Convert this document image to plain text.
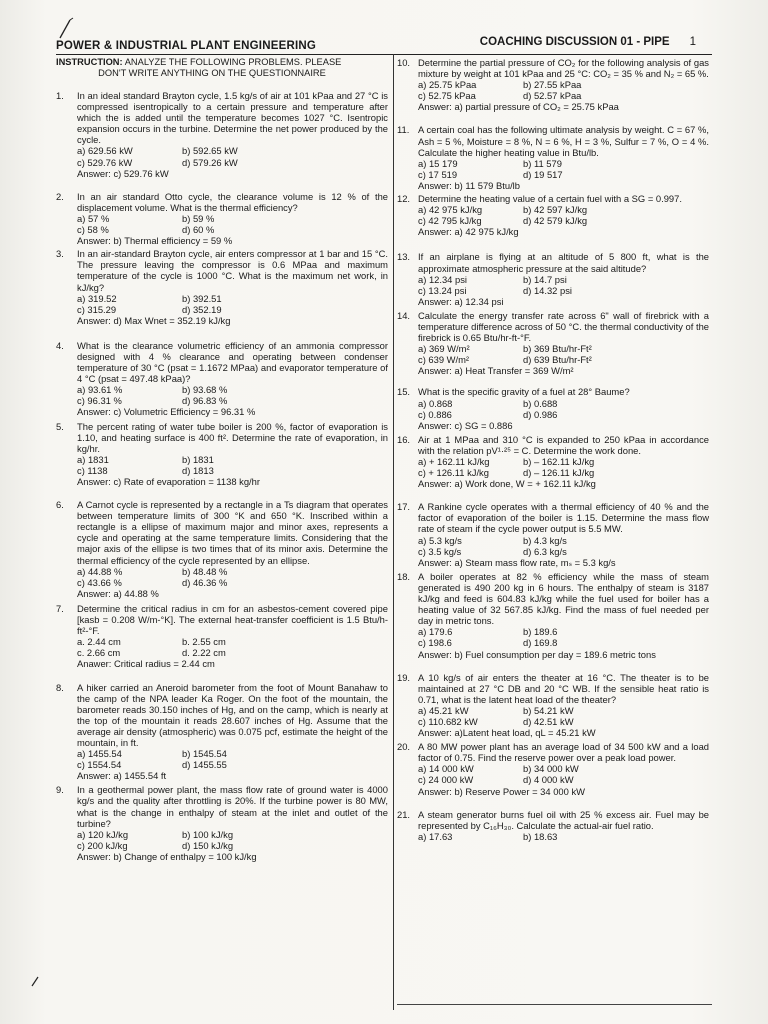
POWER & INDUSTRIAL PLANT ENGINEERING	COACHING DISCUSSION 01 - PIPE 1
INSTRUCTION: ANALYZE THE FOLLOWING PROBLEMS. PLEASE
DON'T WRITE ANYTHING ON THE QUESTIONNAIRE
1. In an ideal standard Brayton cycle, 1.5 kg/s of air at 101 kPaa and 27 °C is compressed isentropically to a certain pressure and temperature after which the is added until the temperature becomes 1027 °C. Isentropic expansion occurs in the turbine. Determine the net power produced by the cycle.
a) 629.56 kW	b) 592.65 kW
c) 529.76 kW	d) 579.26 kW
Answer: c) 529.76 kW
2. In an air standard Otto cycle, the clearance volume is 12 % of the displacement volume. What is the thermal efficiency?
a) 57 %	b) 59 %
c) 58 %	d) 60 %
Answer: b) Thermal efficiency = 59 %
3. In an air-standard Brayton cycle, air enters compressor at 1 bar and 15 °C. The pressure leaving the compressor is 0.6 MPaa and maximum temperature of the cycle is 1000 °C. What is the maximum net work, in kJ/kg?
a) 319.52	b) 392.51
c) 315.29	d) 352.19
Answer: d) Max Wnet = 352.19 kJ/kg
4. What is the clearance volumetric efficiency of an ammonia compressor designed with 4 % clearance and operating between condenser temperature of 30 °C (psat = 1.1672 MPaa) and evaporator temperature of 4 °C (psat = 497.48 kPaa)?
a) 93.61 %	b) 93.68 %
c) 96.31 %	d) 96.83 %
Answer: c) Volumetric Efficiency = 96.31 %
5. The percent rating of water tube boiler is 200 %, factor of evaporation is 1.10, and heating surface is 400 ft². Determine the rate of evaporation, in kg/hr.
a) 1831	b) 1831
c) 1138	d) 1813
Answer: c) Rate of evaporation = 1138 kg/hr
6. A Carnot cycle is represented by a rectangle in a Ts diagram that operates between temperature limits of 300 °K and 650 °K. Inscribed within a rectangle is a ellipse of maximum major and minor axes, represents a cycle and operating at the same temperature limits. Considering that the major axis of the ellipse is two times that of its minor axis. Determine the thermal efficiency of the cycle represented by an ellipse.
a) 44.88 %	b) 48.48 %
c) 43.66 %	d) 46.36 %
Answer: a) 44.88 %
7. Determine the critical radius in cm for an asbestos-cement covered pipe [kasb = 0.208 W/m-°K]. The external heat-transfer coefficient is 1.5 Btu/h-ft²-°F.
a. 2.44 cm	b. 2.55 cm
c. 2.66 cm	d. 2.22 cm
Anawer: Critical radius = 2.44 cm
8. A hiker carried an Aneroid barometer from the foot of Mount Banahaw to the camp of the NPA leader Ka Roger. On the foot of the mountain, the barometer reads 30.150 inches of Hg, and on the camp, which is nearly at the top of the mountain it reads 28.607 inches of Hg. Assume that the average air density (atmospheric) was 0.075 pcf, estimate the height of the mountain, in ft.
a) 1455.54	b) 1545.54
c) 1554.54	d) 1455.55
Answer: a) 1455.54 ft
9. In a geothermal power plant, the mass flow rate of ground water is 4000 kg/s and the quality after throttling is 20%. If the turbine power is 80 MW, what is the change in enthalpy of steam at the inlet and outlet of the turbine?
a) 120 kJ/kg	b) 100 kJ/kg
c) 200 kJ/kg	d) 150 kJ/kg
Answer: b) Change of enthalpy = 100 kJ/kg
10. Determine the partial pressure of CO₂ for the following analysis of gas mixture by weight at 101 kPaa and 25 °C: CO₂ = 35 % and N₂ = 65 %.
a) 25.75 kPaa	b) 27.55 kPaa
c) 52.75 kPaa	d) 52.57 kPaa
Answer: a) partial pressure of CO₂ = 25.75 kPaa
11. A certain coal has the following ultimate analysis by weight. C = 67 %, Ash = 5 %, Moisture = 8 %, N = 6 %, H = 3 %, Sulfur = 7 %, O = 4 %. Calculate the higher heating value in Btu/lb.
a) 15 179	b) 11 579
c) 17 519	d) 19 517
Answer: b) 11 579 Btu/lb
12. Determine the heating value of a certain fuel with a SG = 0.997.
a) 42 975 kJ/kg	b) 42 597 kJ/kg
c) 42 795 kJ/kg	d) 42 579 kJ/kg
Answer: a) 42 975 kJ/kg
13. If an airplane is flying at an altitude of 5 800 ft, what is the approximate atmospheric pressure at the said altitude?
a) 12.34 psi	b) 14.7 psi
c) 13.24 psi	d) 14.32 psi
Answer: a) 12.34 psi
14. Calculate the energy transfer rate across 6" wall of firebrick with a temperature difference across of 50 °C. the thermal conductivity of the firebrick is 0.65 Btu/hr-ft-°F.
a) 369 W/m²	b) 369 Btu/hr-Ft²
c) 639 W/m²	d) 639 Btu/hr-Ft²
Answer: a) Heat Transfer = 369 W/m²
15. What is the specific gravity of a fuel at 28° Baume?
a) 0.868	b) 0.688
c) 0.886	d) 0.986
Answer: c) SG = 0.886
16. Air at 1 MPaa and 310 °C is expanded to 250 kPaa in accordance with the relation pV¹·²⁵ = C. Determine the work done.
a) + 162.11 kJ/kg	b) – 162.11 kJ/kg
c) + 126.11 kJ/kg	d) – 126.11 kJ/kg
Answer: a) Work done, W = + 162.11 kJ/kg
17. A Rankine cycle operates with a thermal efficiency of 40 % and the factor of evaporation of the boiler is 1.15. Determine the mass flow rate of steam if the cycle power output is 5.5 MW.
a) 5.3 kg/s	b) 4.3 kg/s
c) 3.5 kg/s	d) 6.3 kg/s
Answer: a) Steam mass flow rate, mₛ = 5.3 kg/s
18. A boiler operates at 82 % efficiency while the mass of steam generated is 490 200 kg in 6 hours. The enthalpy of steam is 3187 kJ/kg and feed is 604.83 kJ/kg while the fuel used for boiler has a heating value of 32 567.85 kJ/kg. Find the mass of fuel needed per day in metric tons.
a) 179.6	b) 189.6
c) 198.6	d) 169.8
Answer: b) Fuel consumption per day = 189.6 metric tons
19. A 10 kg/s of air enters the theater at 16 °C. The theater is to be maintained at 27 °C DB and 20 °C WB. If the sensible heat ratio is 0.71, what is the latent heat load of the theater?
a) 45.21 kW	b) 54.21 kW
c) 110.682 kW	d) 42.51 kW
Answer: a)Latent heat load, qL = 45.21 kW
20. A 80 MW power plant has an average load of 34 500 kW and a load factor of 0.75. Find the reserve power over a peak load power.
a) 14 000 kW	b) 34 000 kW
c) 24 000 kW	d) 4 000 kW
Answer: b) Reserve Power = 34 000 kW
21. A steam generator burns fuel oil with 25 % excess air. Fuel may be represented by C₁₆H₃₀. Calculate the actual-air fuel ratio.
a) 17.63	b) 18.63
